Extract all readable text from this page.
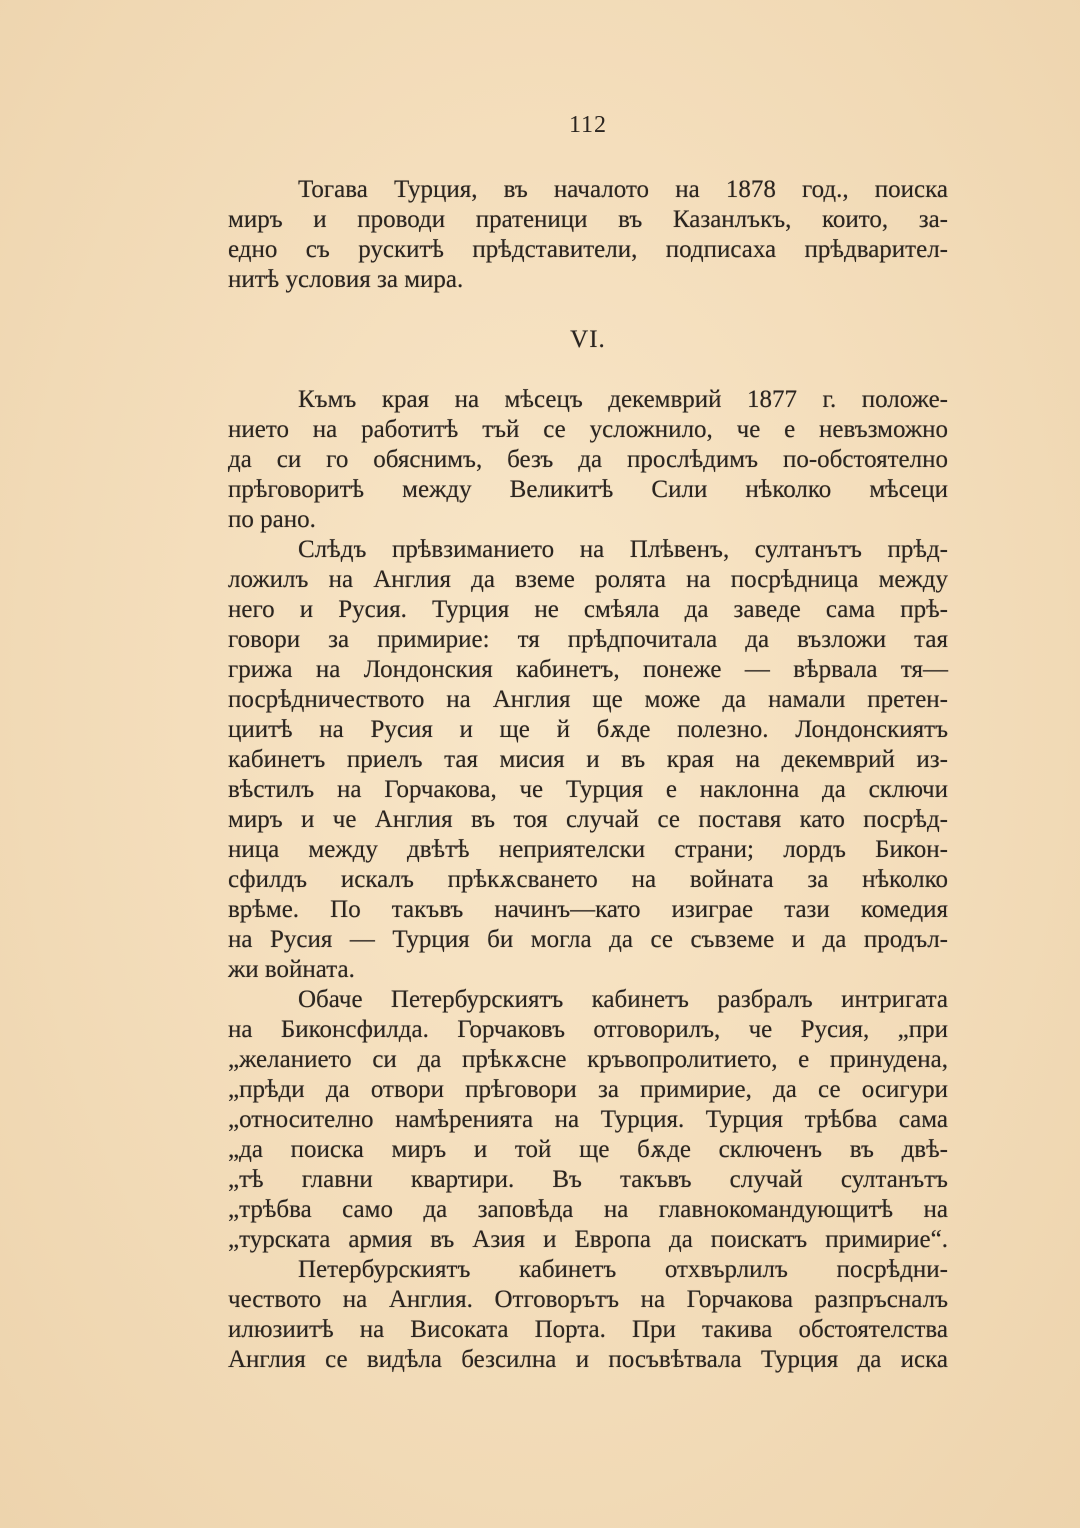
112
Тогава Турция, въ началото на 1878 год., поиска
миръ и проводи пратеници въ Казанлъкъ, които, за-
едно съ рускитѣ прѣдставители, подписаха прѣдварител-
нитѣ условия за мира.
VI.
Къмъ края на мѣсецъ декемврий 1877 г. положе-
нието на работитѣ тъй се усложнило, че е невъзможно
да си го обяснимъ, безъ да прослѣдимъ по-обстоятелно
прѣговоритѣ между Великитѣ Сили нѣколко мѣсеци
по рано.
Слѣдъ прѣвзиманието на Плѣвенъ, султанътъ прѣд-
ложилъ на Англия да вземе ролята на посрѣдница между
него и Русия. Турция не смѣяла да заведе сама прѣ-
говори за примирие: тя прѣдпочитала да възложи тая
грижа на Лондонския кабинетъ, понеже — вѣрвала тя—
посрѣдничеството на Англия ще може да намали претен-
циитѣ на Русия и ще й бѫде полезно. Лондонскиятъ
кабинетъ приелъ тая мисия и въ края на декемврий из-
вѣстилъ на Горчакова, че Турция е наклонна да сключи
миръ и че Англия въ тоя случай се поставя като посрѣд-
ница между двѣтѣ неприятелски страни; лордъ Бикон-
сфилдъ искалъ прѣкѫсването на войната за нѣколко
врѣме. По такъвъ начинъ—като изиграе тази комедия
на Русия — Турция би могла да се съвземе и да продъл-
жи войната.
Обаче Петербурскиятъ кабинетъ разбралъ интригата
на Биконсфилда. Горчаковъ отговорилъ, че Русия, „при
„желанието си да прѣкѫсне кръвопролитието, е принудена,
„прѣди да отвори прѣговори за примирие, да се осигури
„относително намѣренията на Турция. Турция трѣбва сама
„да поиска миръ и той ще бѫде сключенъ въ двѣ-
„тѣ главни квартири. Въ такъвъ случай султанътъ
„трѣбва само да заповѣда на главнокомандующитѣ на
„турската армия въ Азия и Европа да поискатъ примирие“.
Петербурскиятъ кабинетъ отхвърлилъ посрѣдни-
чеството на Англия. Отговорътъ на Горчакова разпръсналъ
илюзиитѣ на Високата Порта. При такива обстоятелства
Англия се видѣла безсилна и посъвѣтвала Турция да иска
